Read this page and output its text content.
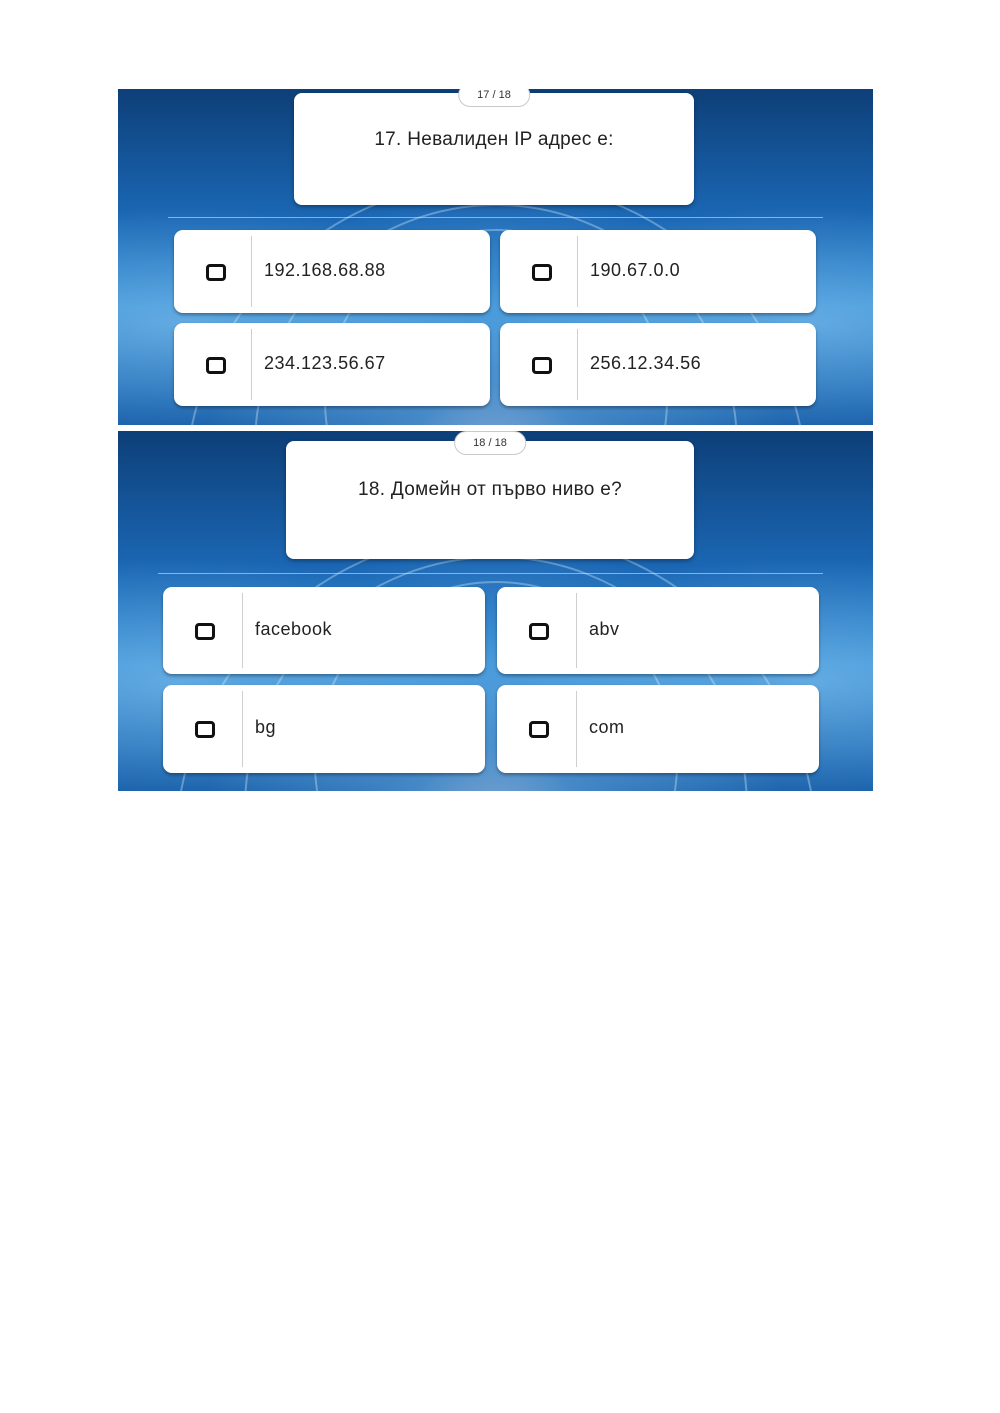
17 / 18
17. Невалиден IP адрес е:
192.168.68.88	190.67.0.0
234.123.56.67	256.12.34.56
18 / 18
18. Домейн от първо ниво е?
facebook	abv
bg	com
